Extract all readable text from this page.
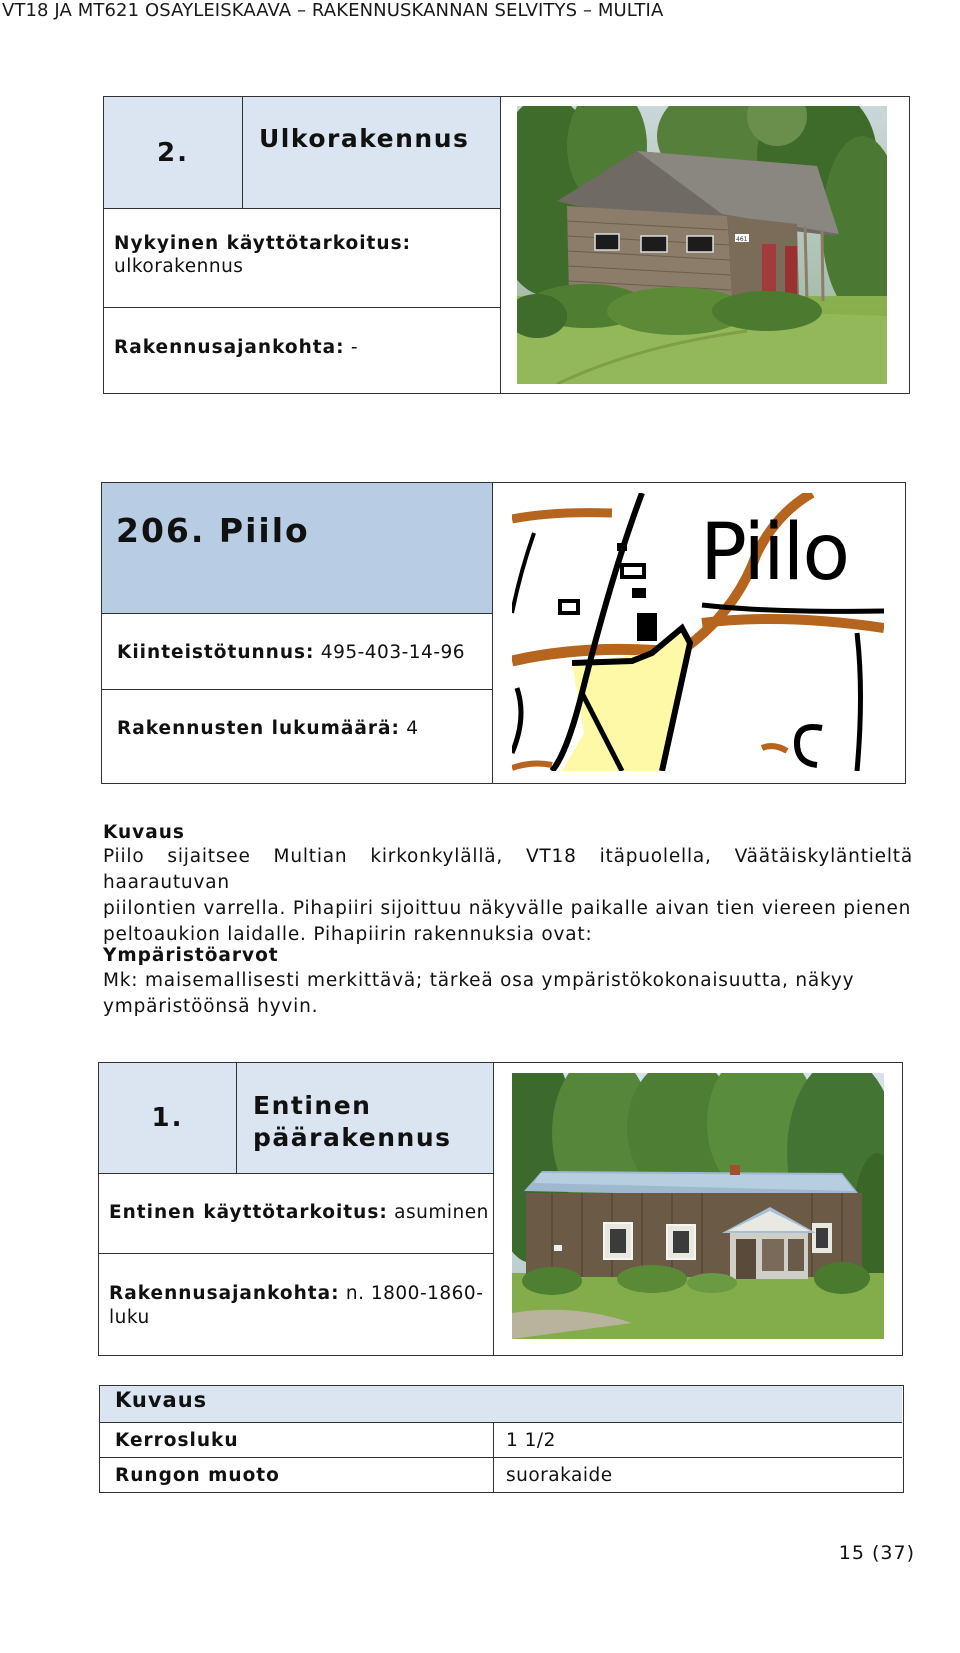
VT18 JA MT621 OSAYLEISKAAVA – RAKENNUSKANNAN SELVITYS – MULTIA
2.	Ulkorakennus
Nykyinen käyttötarkoitus:
ulkorakennus
Rakennusajankohta: -
461
206. Piilo
Kiinteistötunnus: 495-403-14-96
Rakennusten lukumäärä: 4
Piilo
Kuvaus
Piilo sijaitsee Multian kirkonkylällä, VT18 itäpuolella, Väätäiskyläntieltä haarautuvan
piilontien varrella. Pihapiiri sijoittuu näkyvälle paikalle aivan tien viereen pienen
peltoaukion laidalle. Pihapiirin rakennuksia ovat:
Ympäristöarvot
Mk: maisemallisesti merkittävä; tärkeä osa ympäristökokonaisuutta, näkyy
ympäristöönsä hyvin.
1.	Entinen
päärakennus
Entinen käyttötarkoitus: asuminen
Rakennusajankohta: n. 1800-1860-
luku
Kuvaus
Kerrosluku	1 1/2
Rungon muoto	suorakaide
15 (37)
